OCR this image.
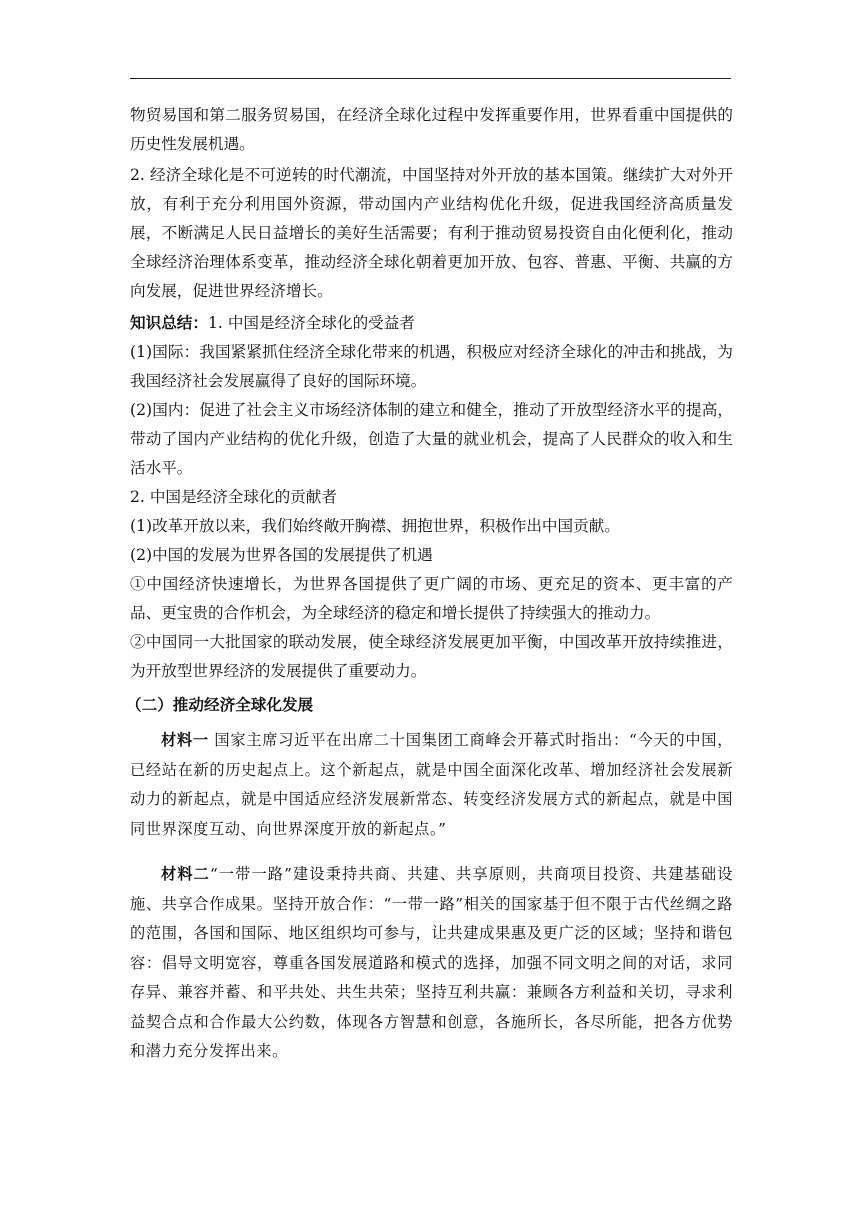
物贸易国和第二服务贸易国，在经济全球化过程中发挥重要作用，世界看重中国提供的历史性发展机遇。

2. 经济全球化是不可逆转的时代潮流，中国坚持对外开放的基本国策。继续扩大对外开放，有利于充分利用国外资源，带动国内产业结构优化升级，促进我国经济高质量发展，不断满足人民日益增长的美好生活需要；有利于推动贸易投资自由化便利化，推动全球经济治理体系变革，推动经济全球化朝着更加开放、包容、普惠、平衡、共赢的方向发展，促进世界经济增长。

知识总结：1. 中国是经济全球化的受益者

(1)国际：我国紧紧抓住经济全球化带来的机遇，积极应对经济全球化的冲击和挑战，为我国经济社会发展赢得了良好的国际环境。

(2)国内：促进了社会主义市场经济体制的建立和健全，推动了开放型经济水平的提高，带动了国内产业结构的优化升级，创造了大量的就业机会，提高了人民群众的收入和生活水平。

2. 中国是经济全球化的贡献者

(1)改革开放以来，我们始终敞开胸襟、拥抱世界，积极作出中国贡献。

(2)中国的发展为世界各国的发展提供了机遇

①中国经济快速增长，为世界各国提供了更广阔的市场、更充足的资本、更丰富的产品、更宝贵的合作机会，为全球经济的稳定和增长提供了持续强大的推动力。

②中国同一大批国家的联动发展，使全球经济发展更加平衡，中国改革开放持续推进，为开放型世界经济的发展提供了重要动力。

（二）推动经济全球化发展

材料一 国家主席习近平在出席二十国集团工商峰会开幕式时指出：“今天的中国，已经站在新的历史起点上。这个新起点，就是中国全面深化改革、增加经济社会发展新动力的新起点，就是中国适应经济发展新常态、转变经济发展方式的新起点，就是中国同世界深度互动、向世界深度开放的新起点。”

材料二“一带一路”建设秉持共商、共建、共享原则，共商项目投资、共建基础设施、共享合作成果。坚持开放合作：“一带一路”相关的国家基于但不限于古代丝绸之路的范围，各国和国际、地区组织均可参与，让共建成果惠及更广泛的区域；坚持和谐包容：倡导文明宽容，尊重各国发展道路和模式的选择，加强不同文明之间的对话，求同存异、兼容并蓄、和平共处、共生共荣；坚持互利共赢：兼顾各方利益和关切，寻求利益契合点和合作最大公约数，体现各方智慧和创意，各施所长，各尽所能，把各方优势和潜力充分发挥出来。
